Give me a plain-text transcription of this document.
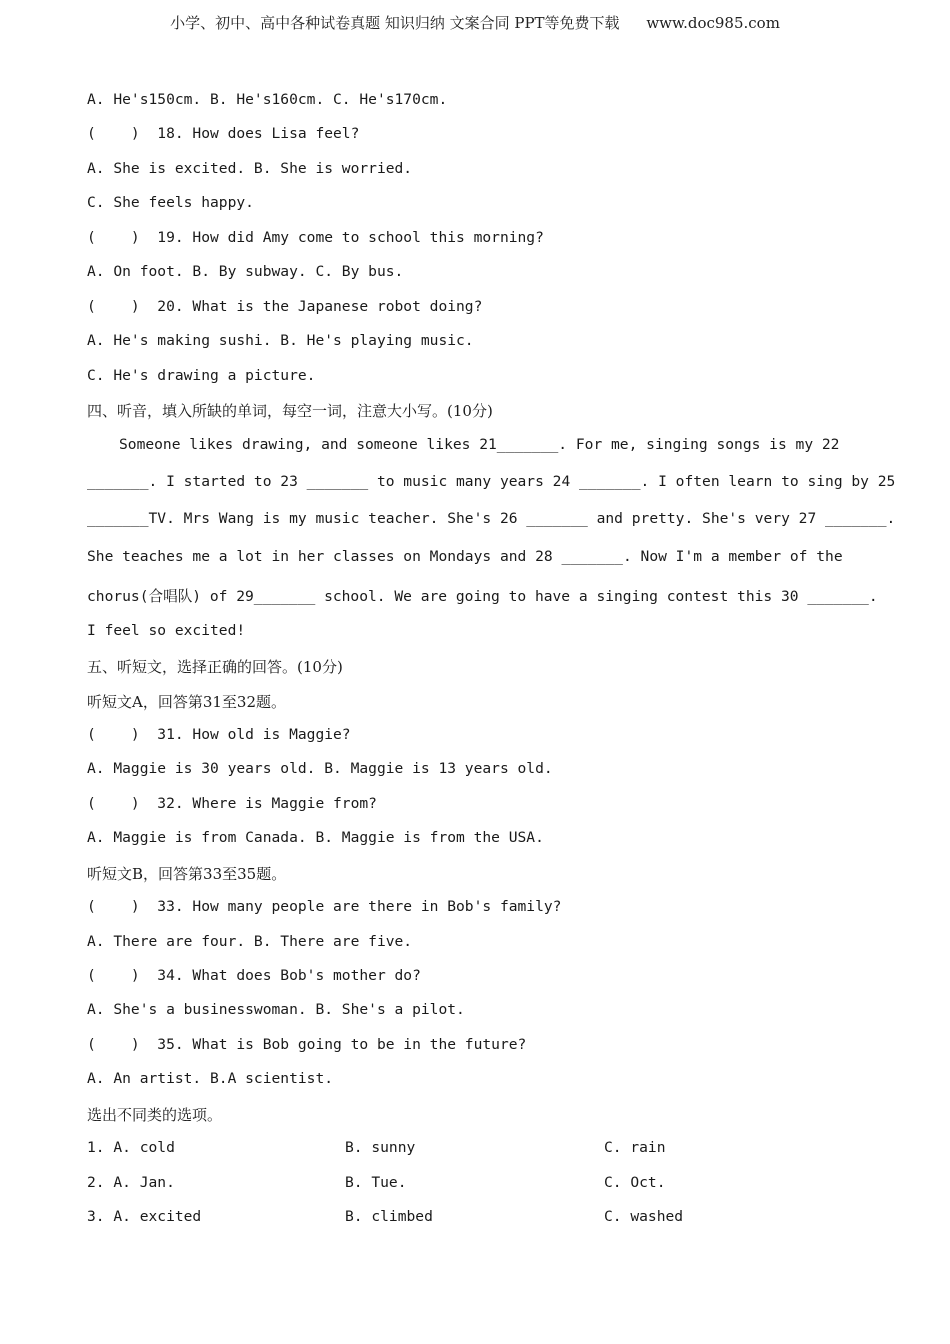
小学、初中、高中各种试卷真题 知识归纳 文案合同 PPT等免费下载 www.doc985.com
A. He's150cm. B. He's160cm. C. He's170cm.
(    )  18. How does Lisa feel?
A. She is excited. B. She is worried.
C. She feels happy.
(    )  19. How did Amy come to school this morning?
A. On foot. B. By subway. C. By bus.
(    )  20. What is the Japanese robot doing?
A. He's making sushi. B. He's playing music.
C. He's drawing a picture.
四、听音，填入所缺的单词，每空一词，注意大小写。(10分)
Someone likes drawing, and someone likes 21_______. For me, singing songs is my 22
_______. I started to 23 _______ to music many years 24 _______. I often learn to sing by 25
_______TV. Mrs Wang is my music teacher. She's 26 _______ and pretty. She's very 27 _______.
She teaches me a lot in her classes on Mondays and 28 _______. Now I'm a member of the
chorus(合唱队) of 29_______ school. We are going to have a singing contest this 30 _______.
I feel so excited!
五、听短文，选择正确的回答。(10分)
听短文A，回答第31至32题。
(    )  31. How old is Maggie?
A. Maggie is 30 years old. B. Maggie is 13 years old.
(    )  32. Where is Maggie from?
A. Maggie is from Canada. B. Maggie is from the USA.
听短文B，回答第33至35题。
(    )  33. How many people are there in Bob's family?
A. There are four. B. There are five.
(    )  34. What does Bob's mother do?
A. She's a businesswoman. B. She's a pilot.
(    )  35. What is Bob going to be in the future?
A. An artist. B.A scientist.
选出不同类的选项。
1. A. cold	B. sunny	C. rain
2. A. Jan.	B. Tue.	C. Oct.
3. A. excited	B. climbed	C. washed
